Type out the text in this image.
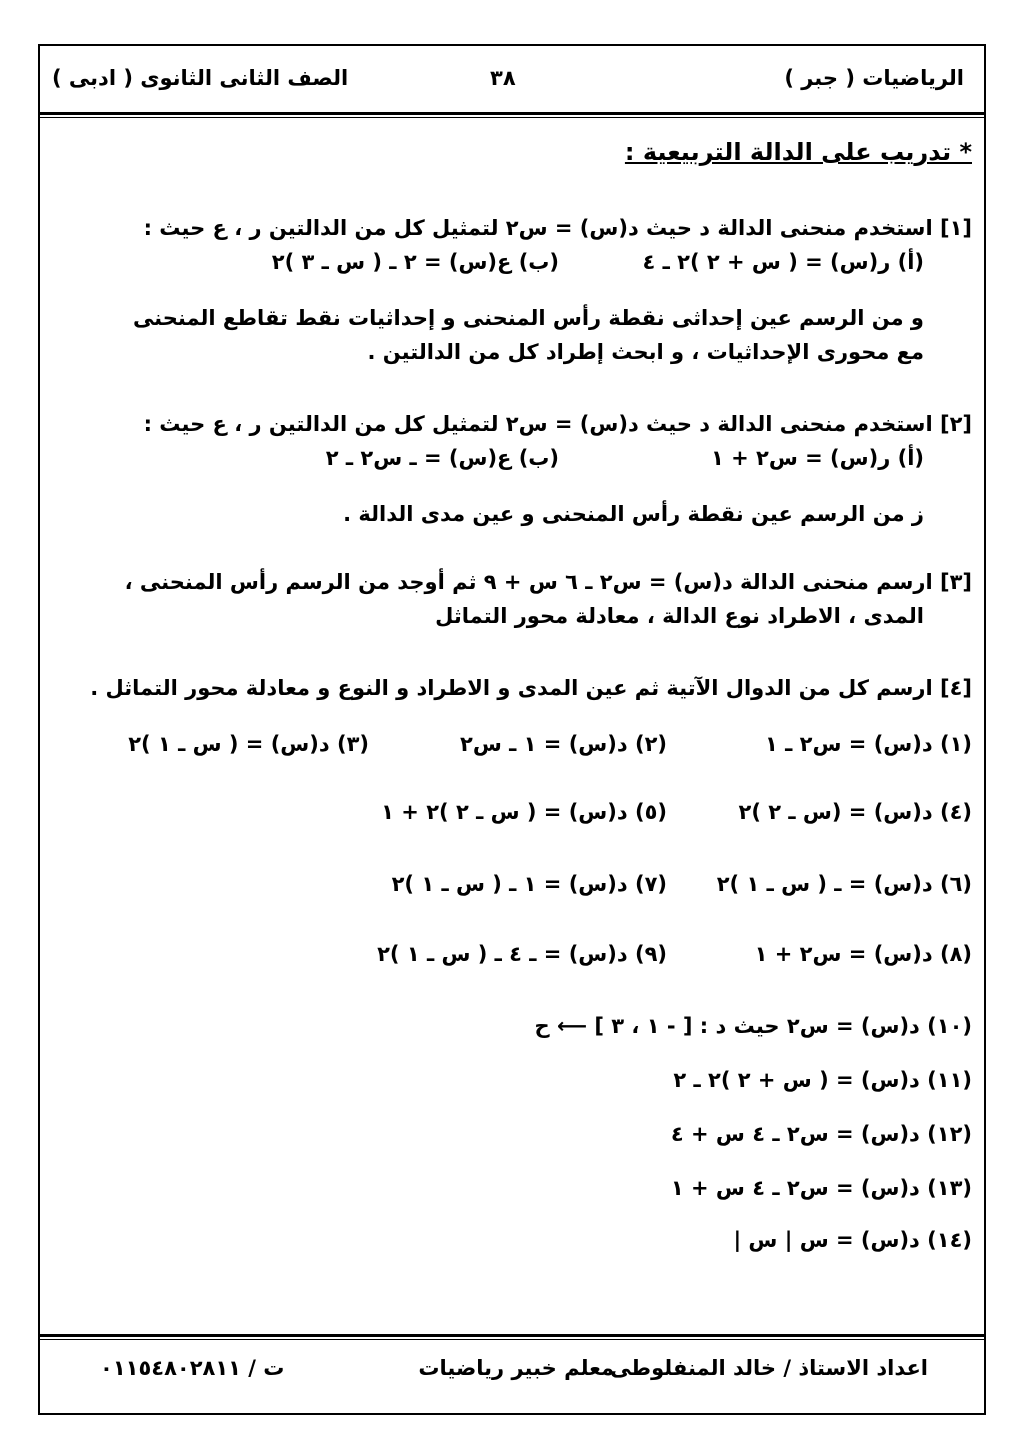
الرياضيات ( جبر )
٣٨
الصف الثانى الثانوى ( ادبى )
* تدريب على الدالة التربيعية :
[١] استخدم منحنى الدالة د حيث د(س) = س٢ لتمثيل كل من الدالتين ر ، ع حيث :
(أ) ر(س) = ( س + ٢ )٢ ـ ٤
(ب) ع(س) = ٢ ـ ( س ـ ٣ )٢
و من الرسم عين إحداثى نقطة رأس المنحنى و إحداثيات نقط تقاطع المنحنى
مع محورى الإحداثيات ، و ابحث إطراد كل من الدالتين .
[٢] استخدم منحنى الدالة د حيث د(س) = س٢ لتمثيل كل من الدالتين ر ، ع حيث :
(أ) ر(س) = س٢ + ١
(ب) ع(س) = ـ س٢ ـ ٢
ز من الرسم عين نقطة رأس المنحنى و عين مدى الدالة .
[٣] ارسم منحنى الدالة د(س) = س٢ ـ ٦ س + ٩ ثم أوجد من الرسم رأس المنحنى ،
المدى ، الاطراد نوع الدالة ، معادلة محور التماثل
[٤] ارسم كل من الدوال الآتية ثم عين المدى و الاطراد و النوع و معادلة محور التماثل .
(١) د(س) = س٢ ـ ١
(٢) د(س) = ١ ـ س٢
(٣) د(س) = ( س ـ ١ )٢
(٤) د(س) = (س ـ ٢ )٢
(٥) د(س) = ( س ـ ٢ )٢ + ١
(٦) د(س) = ـ ( س ـ ١ )٢
(٧) د(س) = ١ ـ ( س ـ ١ )٢
(٨) د(س) = س٢ + ١
(٩) د(س) = ـ ٤ ـ ( س ـ ١ )٢
(١٠) د(س) = س٢ حيث د : [ - ١ ، ٣ ] ⟵ ح
(١١) د(س) = ( س + ٢ )٢ ـ ٢
(١٢) د(س) = س٢ ـ ٤ س + ٤
(١٣) د(س) = س٢ ـ ٤ س + ١
(١٤) د(س) = س | س |
اعداد الاستاذ / خالد المنفلوطى
معلم خبير رياضيات
ت / ٠١١٥٤٨٠٢٨١١
